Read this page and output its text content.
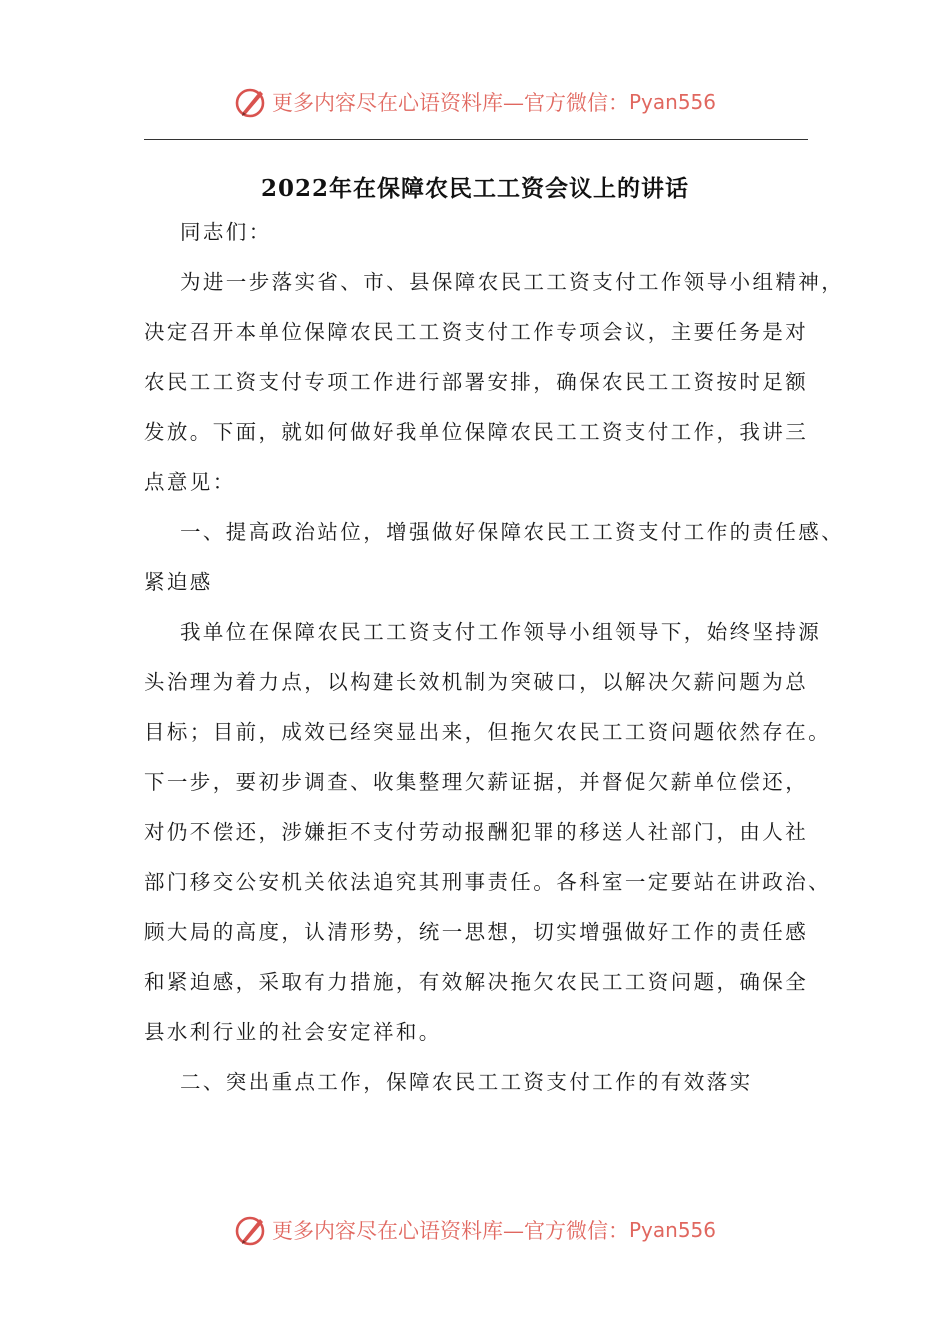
更多内容尽在心语资料库—官方微信： Pyan556
2022年在保障农民工工资会议上的讲话

同志们：

为进一步落实省、市、县保障农民工工资支付工作领导小组精神，
决定召开本单位保障农民工工资支付工作专项会议，主要任务是对
农民工工资支付专项工作进行部署安排，确保农民工工资按时足额
发放。下面，就如何做好我单位保障农民工工资支付工作，我讲三
点意见：

一、提高政治站位，增强做好保障农民工工资支付工作的责任感、
紧迫感

我单位在保障农民工工资支付工作领导小组领导下，始终坚持源
头治理为着力点，以构建长效机制为突破口，以解决欠薪问题为总
目标；目前，成效已经突显出来，但拖欠农民工工资问题依然存在。
下一步，要初步调查、收集整理欠薪证据，并督促欠薪单位偿还，
对仍不偿还，涉嫌拒不支付劳动报酬犯罪的移送人社部门，由人社
部门移交公安机关依法追究其刑事责任。各科室一定要站在讲政治、
顾大局的高度，认清形势，统一思想，切实增强做好工作的责任感
和紧迫感，采取有力措施，有效解决拖欠农民工工资问题，确保全
县水利行业的社会安定祥和。

二、突出重点工作，保障农民工工资支付工作的有效落实

更多内容尽在心语资料库—官方微信： Pyan556
